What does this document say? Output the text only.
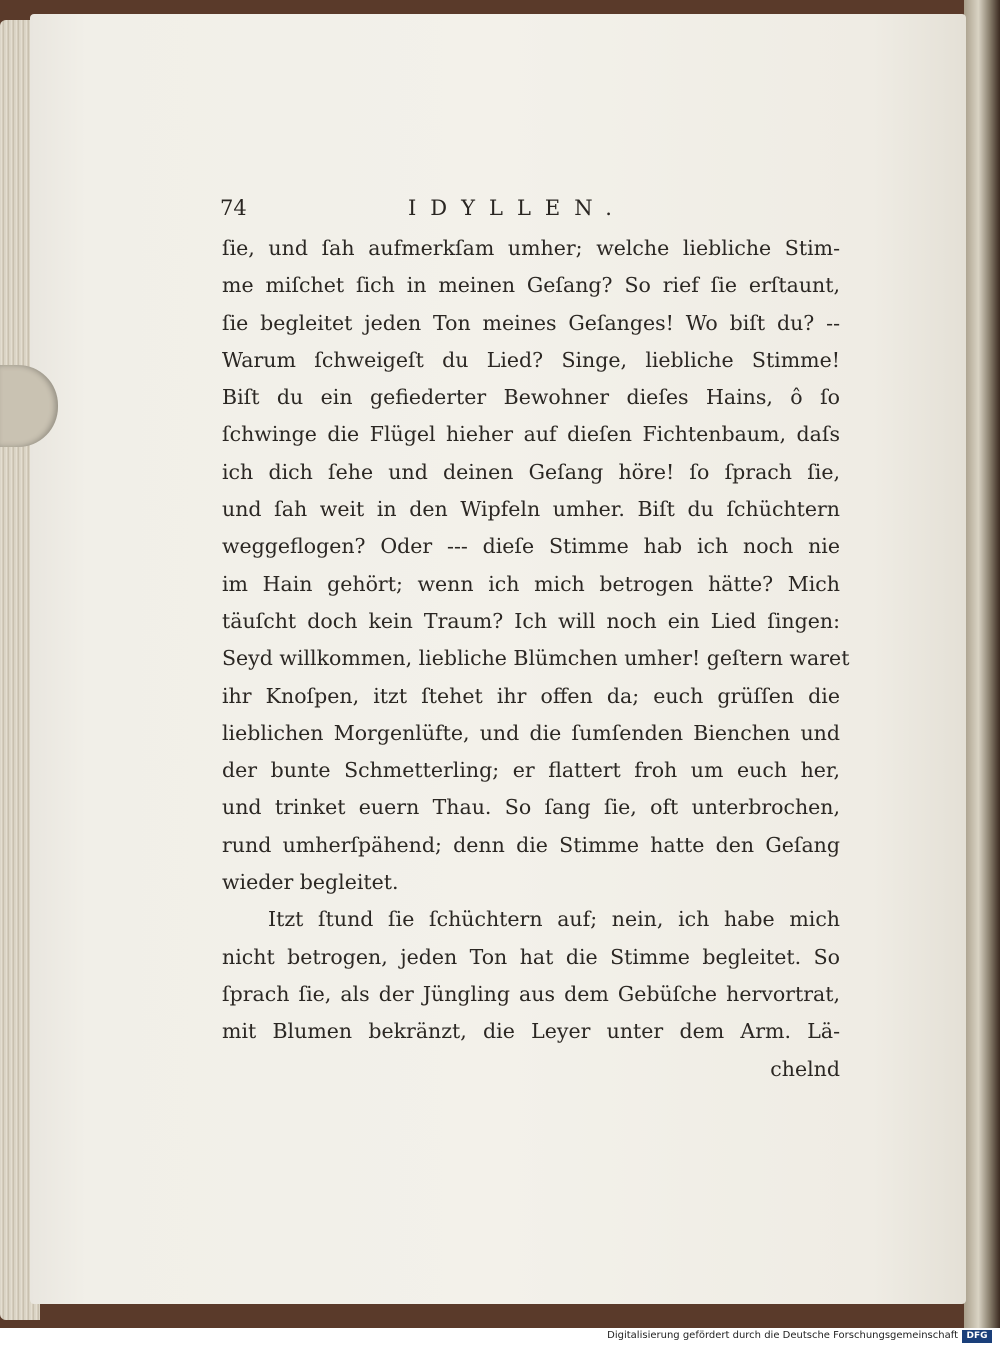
74	IDYLLEN.
ſie, und ſah aufmerkſam umher; welche liebliche Stim-
me miſchet ſich in meinen Geſang? So rief ſie erſtaunt,
ſie begleitet jeden Ton meines Geſanges! Wo biſt du? --
Warum ſchweigeſt du Lied? Singe, liebliche Stimme!
Biſt du ein gefiederter Bewohner dieſes Hains, ô ſo
ſchwinge die Flügel hieher auf dieſen Fichtenbaum, daſs
ich dich ſehe und deinen Geſang höre! ſo ſprach ſie,
und ſah weit in den Wipfeln umher. Biſt du ſchüchtern
weggeflogen? Oder --- dieſe Stimme hab ich noch nie
im Hain gehört; wenn ich mich betrogen hätte? Mich
täuſcht doch kein Traum? Ich will noch ein Lied ſingen:
Seyd willkommen, liebliche Blümchen umher! geſtern waret
ihr Knoſpen, itzt ſtehet ihr offen da; euch grüſſen die
lieblichen Morgenlüfte, und die ſumſenden Bienchen und
der bunte Schmetterling; er flattert froh um euch her,
und trinket euern Thau. So ſang ſie, oft unterbrochen,
rund umherſpähend; denn die Stimme hatte den Geſang
wieder begleitet.
Itzt ſtund ſie ſchüchtern auf; nein, ich habe mich
nicht betrogen, jeden Ton hat die Stimme begleitet. So
ſprach ſie, als der Jüngling aus dem Gebüſche hervortrat,
mit Blumen bekränzt, die Leyer unter dem Arm. Lä-
chelnd
Digitalisierung gefördert durch die Deutsche Forschungsgemeinschaft DFG
